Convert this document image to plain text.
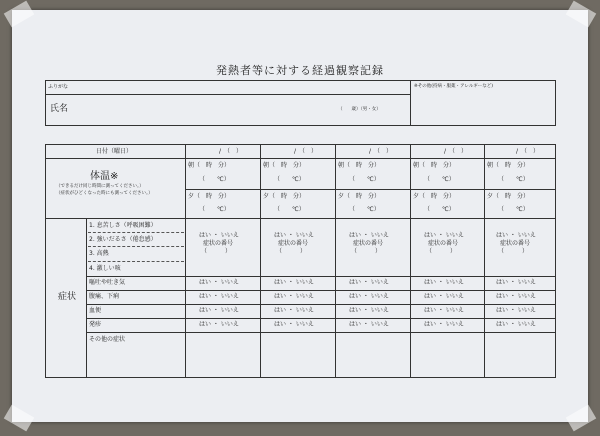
発熱者等に対する経過観察記録
ふりがな
氏名	（　　歳）（男・女）
※その他(持病・服薬・アレルギーなど)
日付（曜日）
体温※
（できるだけ同じ時間に測ってください。）
（症状がひどくなった時にも測ってください。）
症状
1. 息苦しさ（呼吸困難）
2. 強いだるさ（倦怠感）
3. 高熱
4. 激しい咳
嘔吐や吐き気
腹痛、下痢
血便
発疹
その他の症状
/　（　）
朝（　時　分）
（　　℃）
夕（　時　分）
（　　℃）
はい ・ いいえ
症状の番号
（　　　）
はい ・ いいえ
はい ・ いいえ
はい ・ いいえ
はい ・ いいえ
/　（　）
朝（　時　分）
（　　℃）
夕（　時　分）
（　　℃）
はい ・ いいえ
症状の番号
（　　　）
はい ・ いいえ
はい ・ いいえ
はい ・ いいえ
はい ・ いいえ
/　（　）
朝（　時　分）
（　　℃）
夕（　時　分）
（　　℃）
はい ・ いいえ
症状の番号
（　　　）
はい ・ いいえ
はい ・ いいえ
はい ・ いいえ
はい ・ いいえ
/　（　）
朝（　時　分）
（　　℃）
夕（　時　分）
（　　℃）
はい ・ いいえ
症状の番号
（　　　）
はい ・ いいえ
はい ・ いいえ
はい ・ いいえ
はい ・ いいえ
/　（　）
朝（　時　分）
（　　℃）
夕（　時　分）
（　　℃）
はい ・ いいえ
症状の番号
（　　　）
はい ・ いいえ
はい ・ いいえ
はい ・ いいえ
はい ・ いいえ
